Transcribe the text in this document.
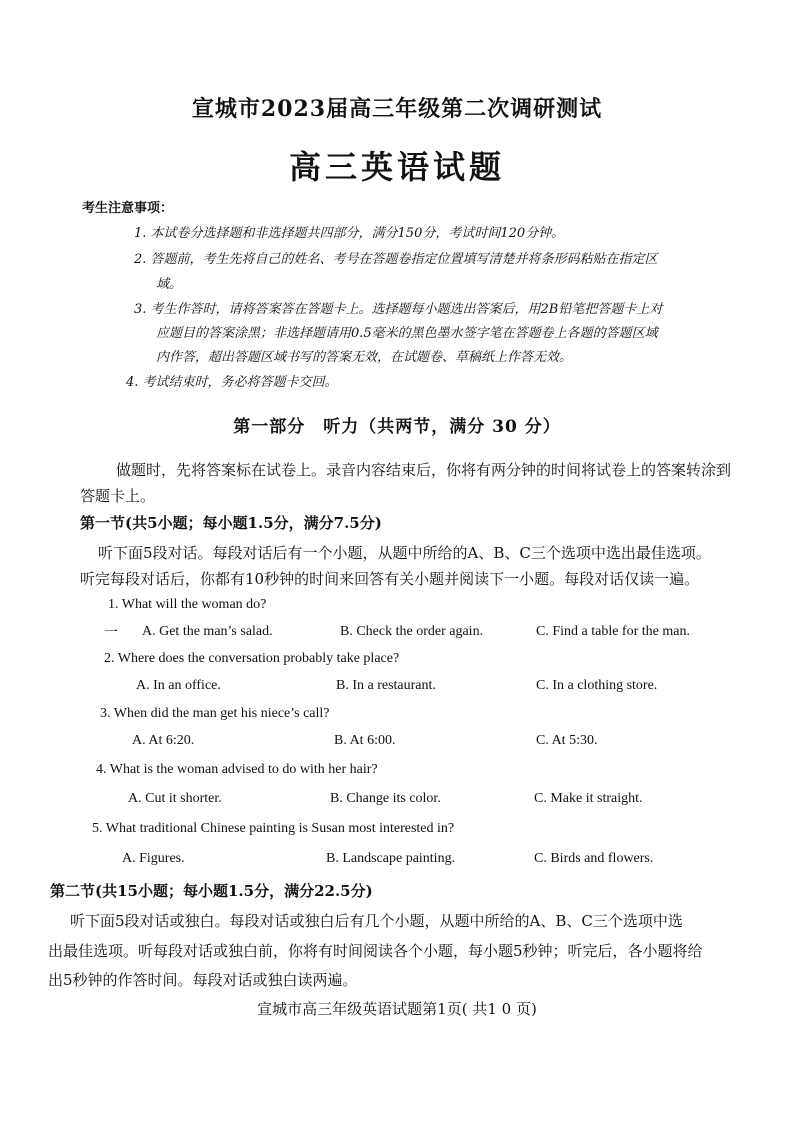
宣城市2023届高三年级第二次调研测试
高三英语试题
考生注意事项：
1. 本试卷分选择题和非选择题共四部分，满分150分，考试时间120分钟。
2. 答题前，考生先将自己的姓名、考号在答题卷指定位置填写清楚并将条形码粘贴在指定区
域。
3. 考生作答时，请将答案答在答题卡上。选择题每小题选出答案后，用2B铅笔把答题卡上对
应题目的答案涂黑；非选择题请用0.5毫米的黑色墨水签字笔在答题卷上各题的答题区域
内作答，超出答题区域书写的答案无效，在试题卷、草稿纸上作答无效。
4. 考试结束时，务必将答题卡交回。
第一部分　听力（共两节，满分 30 分）
做题时，先将答案标在试卷上。录音内容结束后，你将有两分钟的时间将试卷上的答案转涂到
答题卡上。
第一节(共5小题；每小题1.5分，满分7.5分)
听下面5段对话。每段对话后有一个小题，从题中所给的A、B、C三个选项中选出最佳选项。
听完每段对话后，你都有10秒钟的时间来回答有关小题并阅读下一小题。每段对话仅读一遍。
1. What will the woman do?
一 A. Get the man’s salad.	B. Check the order again.	C. Find a table for the man.
2. Where does the conversation probably take place?
A. In an office.	B. In a restaurant.	C. In a clothing store.
3. When did the man get his niece’s call?
A. At 6:20.	B. At 6:00.	C. At 5:30.
4. What is the woman advised to do with her hair?
A. Cut it shorter.	B. Change its color.	C. Make it straight.
5. What traditional Chinese painting is Susan most interested in?
A. Figures.	B. Landscape painting.	C. Birds and flowers.
第二节(共15小题；每小题1.5分，满分22.5分)
听下面5段对话或独白。每段对话或独白后有几个小题，从题中所给的A、B、C三个选项中选
出最佳选项。听每段对话或独白前，你将有时间阅读各个小题，每小题5秒钟；听完后，各小题将给
出5秒钟的作答时间。每段对话或独白读两遍。
宣城市高三年级英语试题第1页( 共1 0 页)
